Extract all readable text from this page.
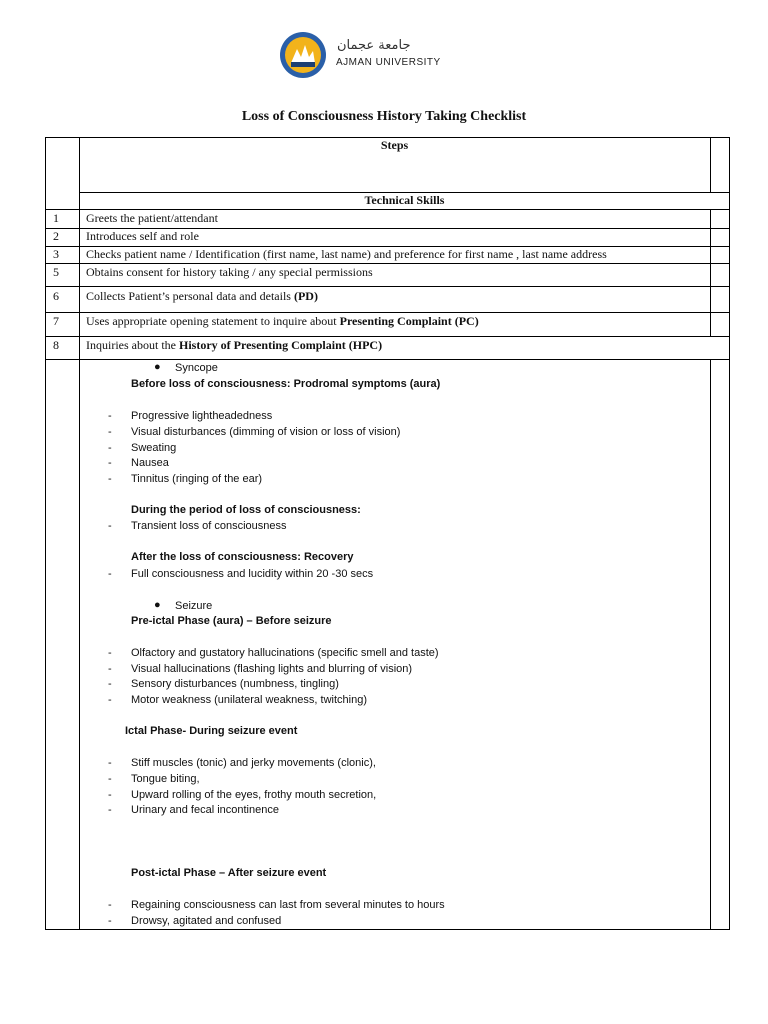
جامعة عجمان
AJMAN UNIVERSITY
Loss of Consciousness History Taking Checklist
Steps
Technical Skills
1 Greets the patient/attendant
2 Introduces self and role
3 Checks patient name / Identification (first name, last name) and preference for first name , last name address
5 Obtains consent for history taking / any special permissions
6 Collects Patient’s personal data and details (PD)
7 Uses appropriate opening statement to inquire about Presenting Complaint (PC)
8 Inquiries about the History of Presenting Complaint (HPC)
● Syncope
Before loss of consciousness: Prodromal symptoms (aura)
- Progressive lightheadedness
- Visual disturbances (dimming of vision or loss of vision)
- Sweating
- Nausea
- Tinnitus (ringing of the ear)
During the period of loss of consciousness:
- Transient loss of consciousness
After the loss of consciousness: Recovery
- Full consciousness and lucidity within 20 -30 secs
● Seizure
Pre-ictal Phase (aura) – Before seizure
- Olfactory and gustatory hallucinations (specific smell and taste)
- Visual hallucinations (flashing lights and blurring of vision)
- Sensory disturbances (numbness, tingling)
- Motor weakness (unilateral weakness, twitching)
Ictal Phase- During seizure event
- Stiff muscles (tonic) and jerky movements (clonic),
- Tongue biting,
- Upward rolling of the eyes, frothy mouth secretion,
- Urinary and fecal incontinence
Post-ictal Phase – After seizure event
- Regaining consciousness can last from several minutes to hours
- Drowsy, agitated and confused
